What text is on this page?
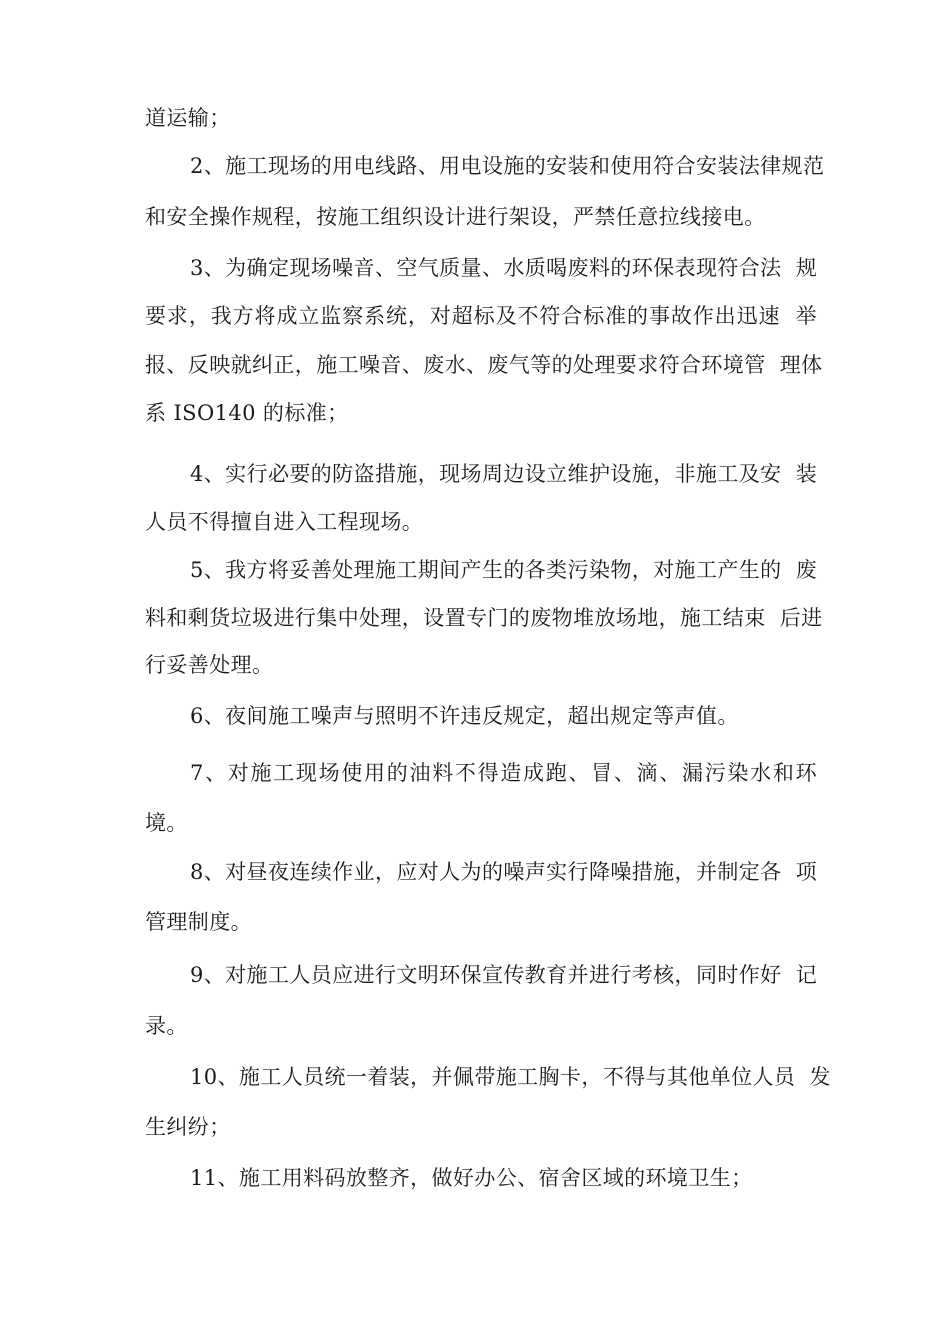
道运输；
2、施工现场的用电线路、用电设施的安装和使用符合安装法律规范
和安全操作规程，按施工组织设计进行架设，严禁任意拉线接电。
3、为确定现场噪音、空气质量、水质喝废料的环保表现符合法  规
要求，我方将成立监察系统，对超标及不符合标准的事故作出迅速  举
报、反映就纠正，施工噪音、废水、废气等的处理要求符合环境管  理体
系 ISO140 的标准；
4、实行必要的防盗措施，现场周边设立维护设施，非施工及安  装
人员不得擅自进入工程现场。
5、我方将妥善处理施工期间产生的各类污染物，对施工产生的  废
料和剩货垃圾进行集中处理，设置专门的废物堆放场地，施工结束  后进
行妥善处理。
6、夜间施工噪声与照明不许违反规定，超出规定等声值。
7、对施工现场使用的油料不得造成跑、冒、滴、漏污染水和环
境。
8、对昼夜连续作业，应对人为的噪声实行降噪措施，并制定各  项
管理制度。
9、对施工人员应进行文明环保宣传教育并进行考核，同时作好  记
录。
10、施工人员统一着装，并佩带施工胸卡，不得与其他单位人员  发
生纠纷；
11、施工用料码放整齐，做好办公、宿舍区域的环境卫生；
